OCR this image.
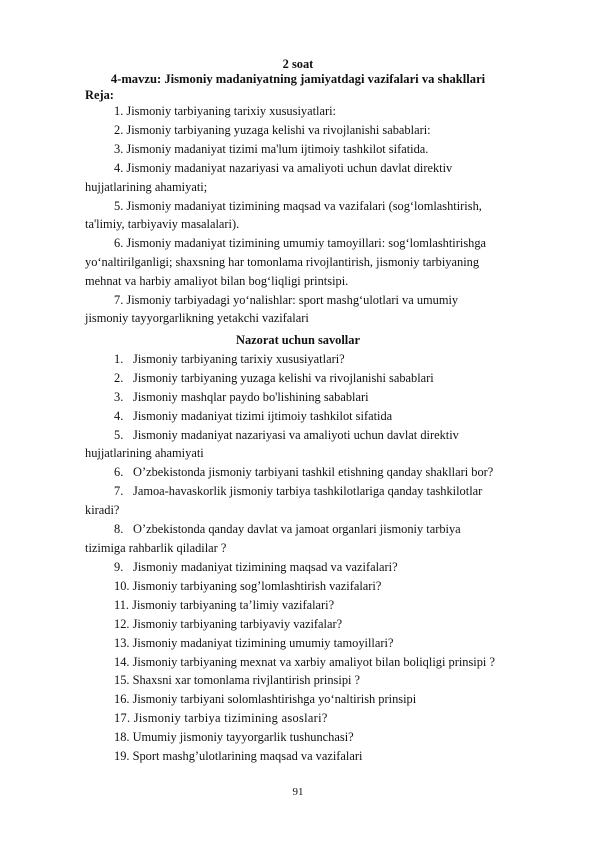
2 soat

4-mavzu: Jismoniy madaniyatning jamiyatdagi vazifalari va shakllari

Reja:

1. Jismoniy tarbiyaning tarixiy xususiyatlari:

2. Jismoniy tarbiyaning yuzaga kelishi va rivojlanishi sabablari:

3. Jismoniy madaniyat tizimi ma'lum ijtimoiy tashkilot sifatida.

4. Jismoniy madaniyat nazariyasi va amaliyoti uchun davlat direktiv

hujjatlarining ahamiyati;

5. Jismoniy madaniyat tizimining maqsad va vazifalari (sog‘lomlashtirish,

ta'limiy, tarbiyaviy masalalari).

6. Jismoniy madaniyat tizimining umumiy tamoyillari: sog‘lomlashtirishga

yo‘naltirilganligi; shaxsning har tomonlama rivojlantirish, jismoniy tarbiyaning

mehnat va harbiy amaliyot bilan bog‘liqligi printsipi.

7. Jismoniy tarbiyadagi yo‘nalishlar: sport mashg‘ulotlari va umumiy

jismoniy tayyorgarlikning yetakchi vazifalari

Nazorat uchun savollar

1. Jismoniy tarbiyaning tarixiy xususiyatlari?

2. Jismoniy tarbiyaning yuzaga kelishi va rivojlanishi sabablari

3. Jismoniy mashqlar paydo bo'lishining sabablari

4. Jismoniy madaniyat tizimi ijtimoiy tashkilot sifatida

5. Jismoniy madaniyat nazariyasi va amaliyoti uchun davlat direktiv

hujjatlarining ahamiyati

6. O’zbekistonda jismoniy tarbiyani tashkil etishning qanday shakllari bor?

7. Jamoa-havaskorlik jismoniy tarbiya tashkilotlariga qanday tashkilotlar

kiradi?

8. O’zbekistonda qanday davlat va jamoat organlari jismoniy tarbiya

tizimiga rahbarlik qiladilar ?

9. Jismoniy madaniyat tizimining maqsad va vazifalari?

10. Jismoniy tarbiyaning sog’lomlashtirish vazifalari?

11. Jismoniy tarbiyaning ta’limiy vazifalari?

12. Jismoniy tarbiyaning tarbiyaviy vazifalar?

13. Jismoniy madaniyat tizimining umumiy tamoyillari?

14. Jismoniy tarbiyaning mexnat va xarbiy amaliyot bilan boliqligi prinsipi ?

15. Shaxsni xar tomonlama rivjlantirish prinsipi ?

16. Jismoniy tarbiyani solomlashtirishga yo‘naltirish prinsipi

17. Jismoniy tarbiya tizimining asoslari?

18. Umumiy jismoniy tayyorgarlik tushunchasi?

19. Sport mashg’ulotlarining maqsad va vazifalari

91
